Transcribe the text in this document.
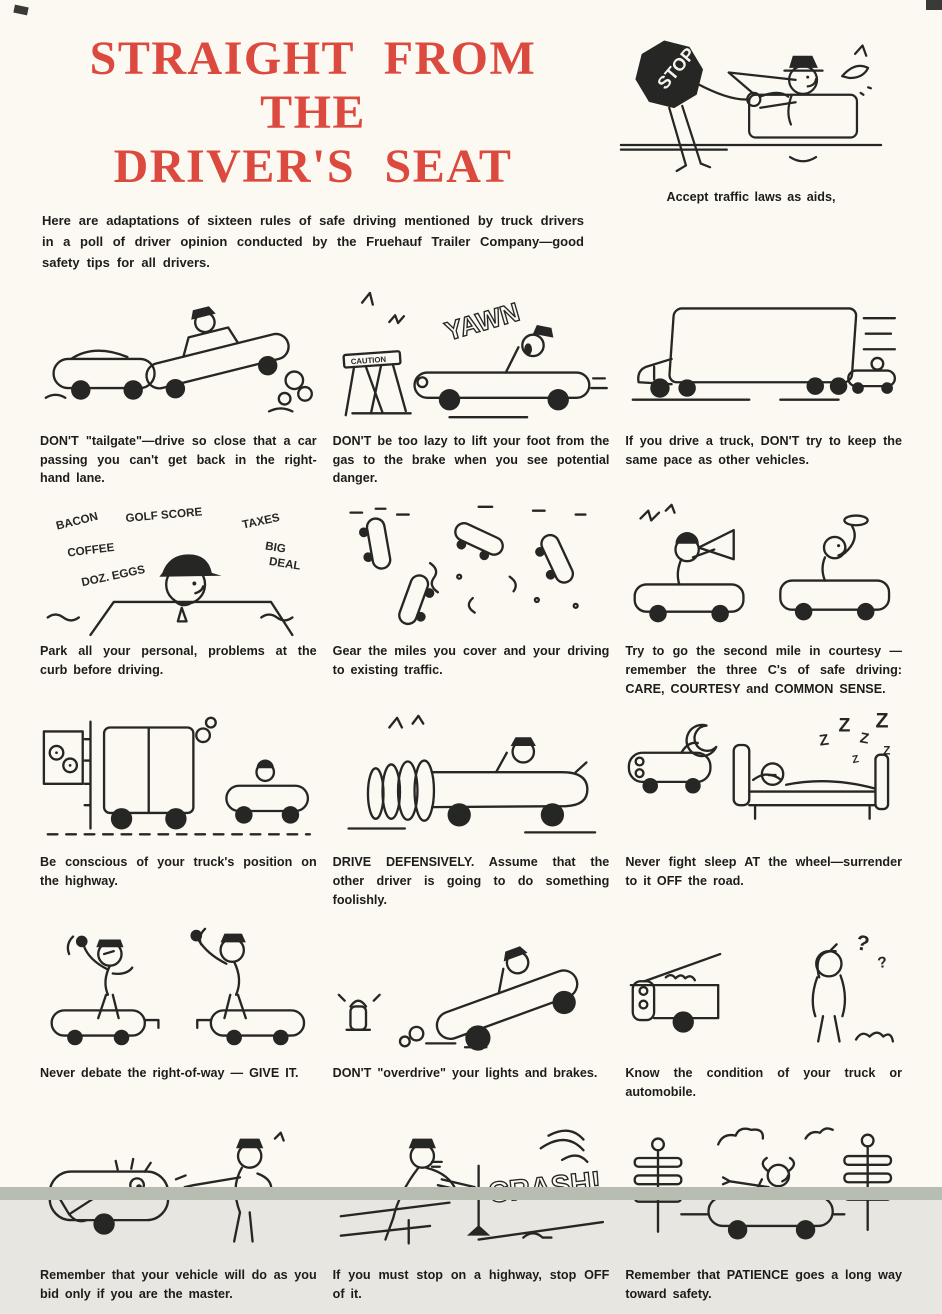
STRAIGHT FROM THE
DRIVER'S SEAT

Here are adaptations of sixteen rules of safe driving mentioned by truck drivers in a poll of driver opinion conducted by the Fruehauf Trailer Company—good safety tips for all drivers.

STOP
Accept traffic laws as aids,
DON'T "tailgate"—drive so close that a car passing you can't get back in the right-hand lane.
YAWN
CAUTION
DON'T be too lazy to lift your foot from the gas to the brake when you see potential danger.
If you drive a truck, DON'T try to keep the same pace as other vehicles.
BACON GOLF SCORE	TAXES
COFFEE
DOZ. EGGS
BIG
DEAL
Park all your personal, problems at the curb before driving.
Gear the miles you cover and your driving to existing traffic.
Try to go the second mile in courtesy — remember the three C's of safe driving: CARE, COURTESY and COMMON SENSE.
Be conscious of your truck's position on the highway.
DRIVE DEFENSIVELY. Assume that the other driver is going to do something foolishly.
Z
Z
Z
Z
Z
Z
Never fight sleep AT the wheel—surrender to it OFF the road.
Never debate the right-of-way — GIVE IT.	DON'T "overdrive" your lights and brakes.
?
?
Know the condition of your truck or automobile.
Remember that your vehicle will do as you bid only if you are the master.
If you must stop on a highway, stop OFF of it.
Remember that PATIENCE goes a long way toward safety.
